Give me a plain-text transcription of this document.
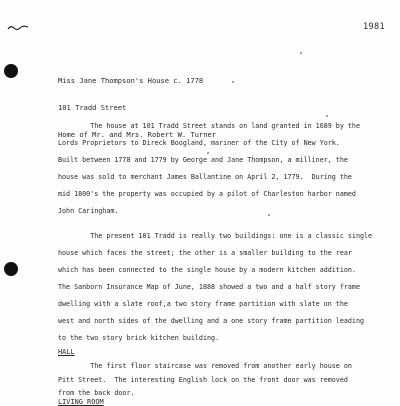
1981

Miss Jane Thompson's House c. 1778

101 Tradd Street

Home of Mr. and Mrs. Robert W. Turner

The house at 101 Tradd Street stands on land granted in 1689 by the
Lords Proprietors to Direck Boogland, mariner of the City of New York.
Built between 1778 and 1779 by George and Jane Thompson, a milliner, the
house was sold to merchant James Ballantine on April 2, 1779.  During the
mid 1800's the property was occupied by a pilot of Charleston harbor named
John Caringham.
The present 101 Tradd is really two buildings: one is a classic single
house which faces the street; the other is a smaller building to the rear
which has been connected to the single house by a modern kitchen addition.
The Sanborn Insurance Map of June, 1888 showed a two and a half story frame
dwelling with a slate roof,a two story frame partition with slate on the
west and north sides of the dwelling and a one story frame partition leading
to the two story brick kitchen building.
HALL
The first floor staircase was removed from another early house on
Pitt Street.  The interesting English lock on the front door was removed
from the back door.
LIVING ROOM
